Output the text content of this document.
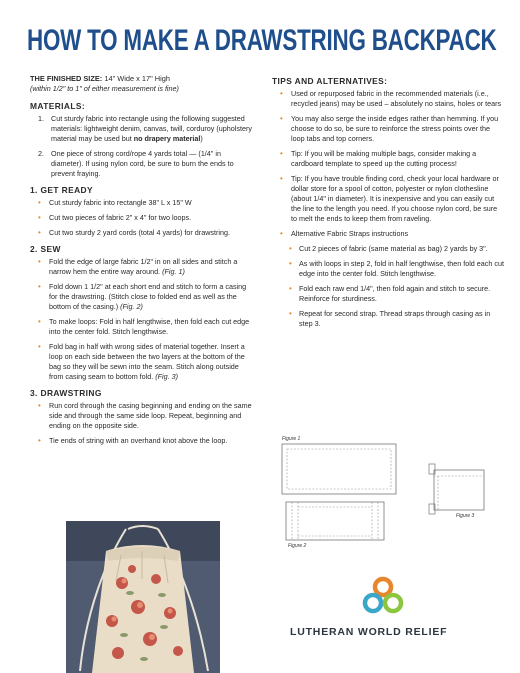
HOW TO MAKE A DRAWSTRING BACKPACK
THE FINISHED SIZE: 14" Wide x 17" High
(within 1/2" to 1" of either measurement is fine)
MATERIALS:
1. Cut sturdy fabric into rectangle using the following suggested materials: lightweight denim, canvas, twill, corduroy (upholstery material may be used but no drapery material)
2. One piece of strong cord/rope 4 yards total — (1/4" in diameter). If using nylon cord, be sure to burn the ends to prevent fraying.
1. GET READY
• Cut sturdy fabric into rectangle 38" L x 15" W
• Cut two pieces of fabric 2" x 4" for two loops.
• Cut two sturdy 2 yard cords (total 4 yards) for drawstring.
2. SEW
• Fold the edge of large fabric 1/2" in on all sides and stitch a narrow hem the entire way around. (Fig. 1)
• Fold down 1 1/2" at each short end and stitch to form a casing for the drawstring. (Stitch close to folded end as well as the bottom of the casing.) (Fig. 2)
• To make loops: Fold in half lengthwise, then fold each cut edge into the center fold. Stitch lengthwise.
• Fold bag in half with wrong sides of material together. Insert a loop on each side between the two layers at the bottom of the bag so they will be sewn into the seam. Stitch along outside from casing seam to bottom fold. (Fig. 3)
3. DRAWSTRING
• Run cord through the casing beginning and ending on the same side and through the same side loop. Repeat, beginning and ending on the opposite side.
• Tie ends of string with an overhand knot above the loop.
TIPS AND ALTERNATIVES:
• Used or repurposed fabric in the recommended materials (i.e., recycled jeans) may be used – absolutely no stains, holes or tears
• You may also serge the inside edges rather than hemming. If you choose to do so, be sure to reinforce the stress points over the loop tabs and top corners.
• Tip: If you will be making multiple bags, consider making a cardboard template to speed up the cutting process!
• Tip: If you have trouble finding cord, check your local hardware or dollar store for a spool of cotton, polyester or nylon clothesline (about 1/4" in diameter). It is inexpensive and you can easily cut the line to the length you need. If you choose nylon cord, be sure to melt the ends to keep them from raveling.
• Alternative Fabric Straps instructions
• Cut 2 pieces of fabric (same material as bag) 2 yards by 3".
• As with loops in step 2, fold in half lengthwise, then fold each cut edge into the center fold. Stitch lengthwise.
• Fold each raw end 1/4", then fold again and stitch to secure. Reinforce for sturdiness.
• Repeat for second strap. Thread straps through casing as in step 3.
Figure 1
Figure 2
Figure 3
LUTHERAN WORLD RELIEF
